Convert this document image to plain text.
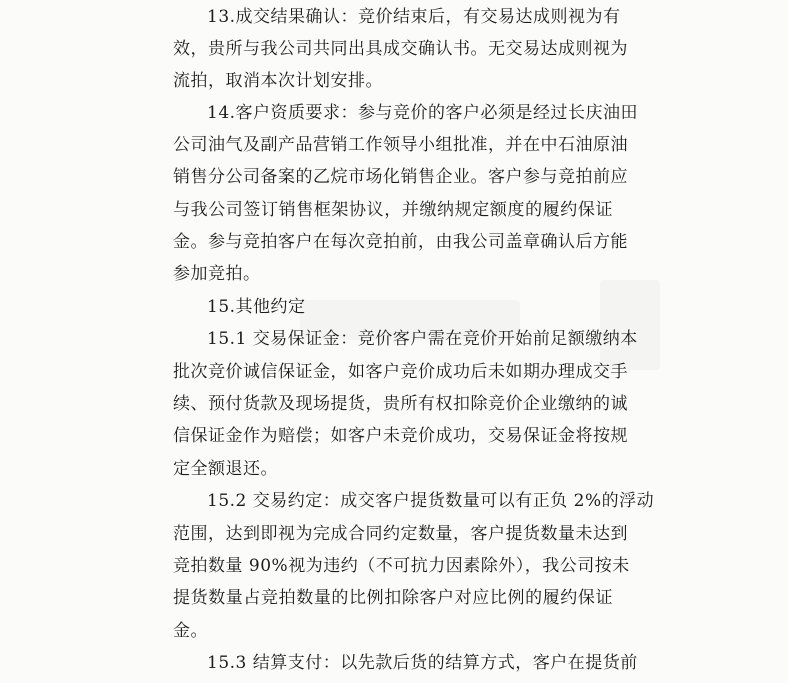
13.成交结果确认：竞价结束后，有交易达成则视为有
效，贵所与我公司共同出具成交确认书。无交易达成则视为
流拍，取消本次计划安排。
14.客户资质要求：参与竞价的客户必须是经过长庆油田
公司油气及副产品营销工作领导小组批准，并在中石油原油
销售分公司备案的乙烷市场化销售企业。客户参与竞拍前应
与我公司签订销售框架协议，并缴纳规定额度的履约保证
金。参与竞拍客户在每次竞拍前，由我公司盖章确认后方能
参加竞拍。
15.其他约定
15.1 交易保证金：竞价客户需在竞价开始前足额缴纳本
批次竞价诚信保证金，如客户竞价成功后未如期办理成交手
续、预付货款及现场提货，贵所有权扣除竞价企业缴纳的诚
信保证金作为赔偿；如客户未竞价成功，交易保证金将按规
定全额退还。
15.2 交易约定：成交客户提货数量可以有正负 2%的浮动
范围，达到即视为完成合同约定数量，客户提货数量未达到
竞拍数量 90%视为违约（不可抗力因素除外），我公司按未
提货数量占竞拍数量的比例扣除客户对应比例的履约保证
金。
15.3 结算支付：以先款后货的结算方式，客户在提货前
